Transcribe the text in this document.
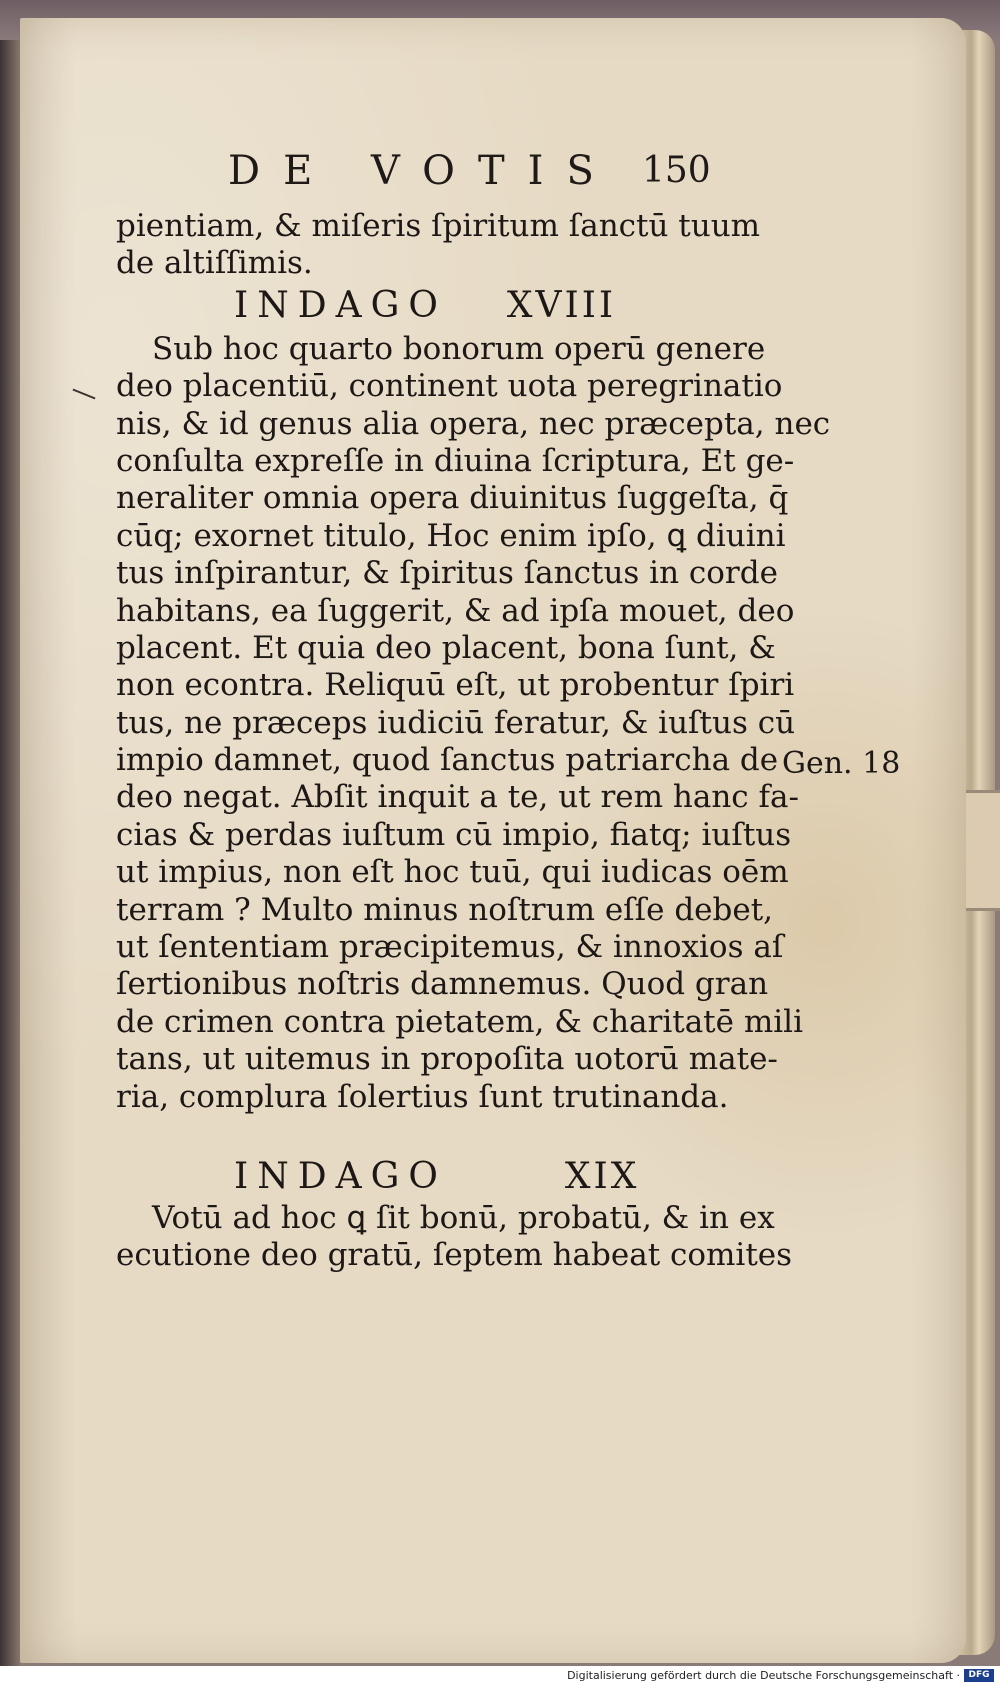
DE VOTIS 150
pientiam, & miſeris ſpiritum ſanctū tuum
de altiſſimis.
INDAGO XVIII
Sub hoc quarto bonorum operū genere
deo placentiū, continent uota peregrinatio
nis, & id genus alia opera, nec præcepta, nec
conſulta expreſſe in diuina ſcriptura, Et ge-
neraliter omnia opera diuinitus ſuggeſta, q̄
cūq; exornet titulo, Hoc enim ipſo, ꝗ diuini
tus inſpirantur, & ſpiritus ſanctus in corde
habitans, ea ſuggerit, & ad ipſa mouet, deo
placent. Et quia deo placent, bona ſunt, &
non econtra. Reliquū eſt, ut probentur ſpiri
tus, ne præceps iudiciū feratur, & iuſtus cū
impio damnet, quod ſanctus patriarcha de
deo negat. Abſit inquit a te, ut rem hanc fa-
cias & perdas iuſtum cū impio, fiatq; iuſtus
ut impius, non eſt hoc tuū, qui iudicas oēm
terram ? Multo minus noſtrum eſſe debet,
ut ſententiam præcipitemus, & innoxios aſ
ſertionibus noſtris damnemus. Quod gran
de crimen contra pietatem, & charitatē mili
tans, ut uitemus in propoſita uotorū mate-
ria, complura ſolertius ſunt trutinanda.
INDAGO	XIX
Votū ad hoc ꝗ ſit bonū, probatū, & in ex
ecutione deo gratū, ſeptem habeat comites
Gen. 18
Digitalisierung gefördert durch die Deutsche Forschungsgemeinschaft · DFG
